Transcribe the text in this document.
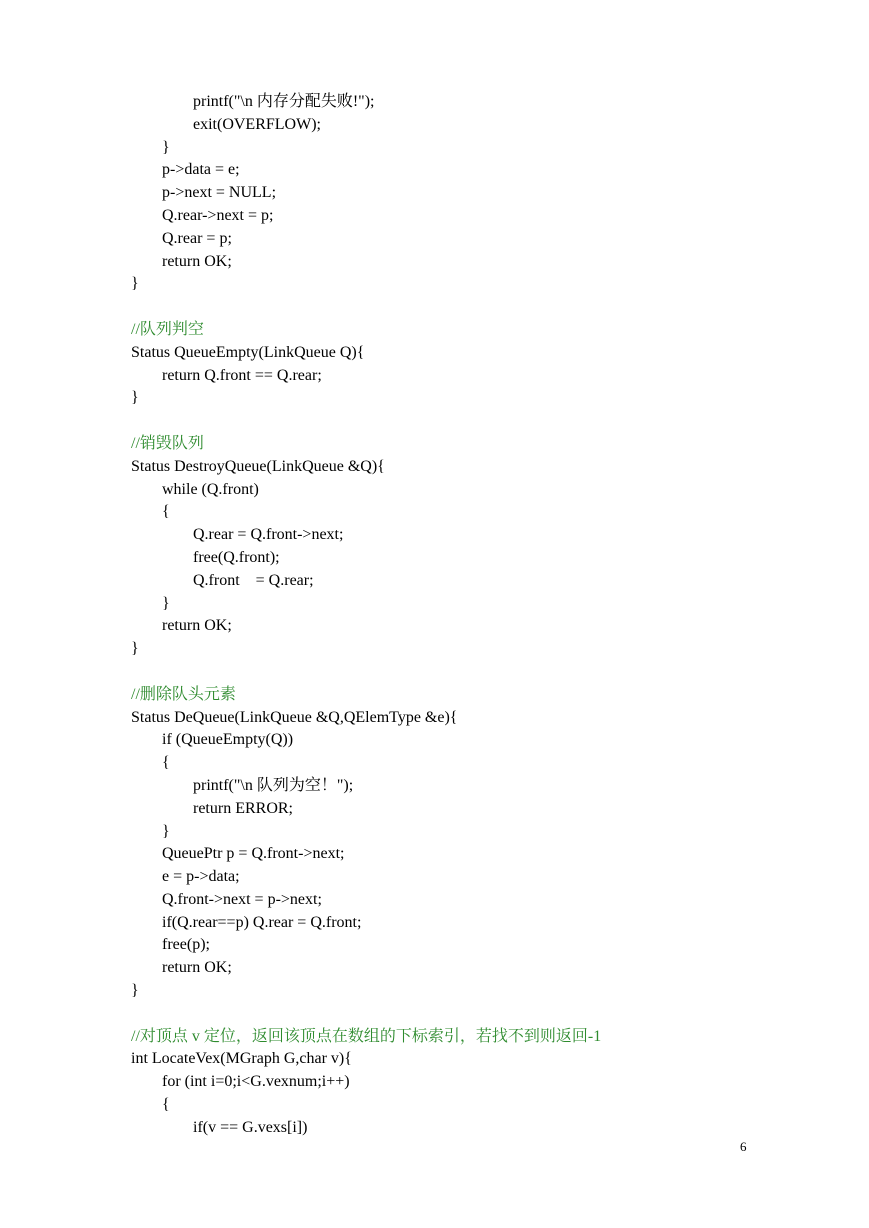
printf("\n 内存分配失败!");
exit(OVERFLOW);
}
p->data = e;
p->next = NULL;
Q.rear->next = p;
Q.rear = p;
return OK;
}
//队列判空
Status QueueEmpty(LinkQueue Q){
return Q.front == Q.rear;
}
//销毁队列
Status DestroyQueue(LinkQueue &Q){
while (Q.front)
{
Q.rear = Q.front->next;
free(Q.front);
Q.front    = Q.rear;
}
return OK;
}
//删除队头元素
Status DeQueue(LinkQueue &Q,QElemType &e){
if (QueueEmpty(Q))
{
printf("\n 队列为空！");
return ERROR;
}
QueuePtr p = Q.front->next;
e = p->data;
Q.front->next = p->next;
if(Q.rear==p) Q.rear = Q.front;
free(p);
return OK;
}
//对顶点 v 定位，返回该顶点在数组的下标索引，若找不到则返回-1
int LocateVex(MGraph G,char v){
for (int i=0;i<G.vexnum;i++)
{
if(v == G.vexs[i])
6
